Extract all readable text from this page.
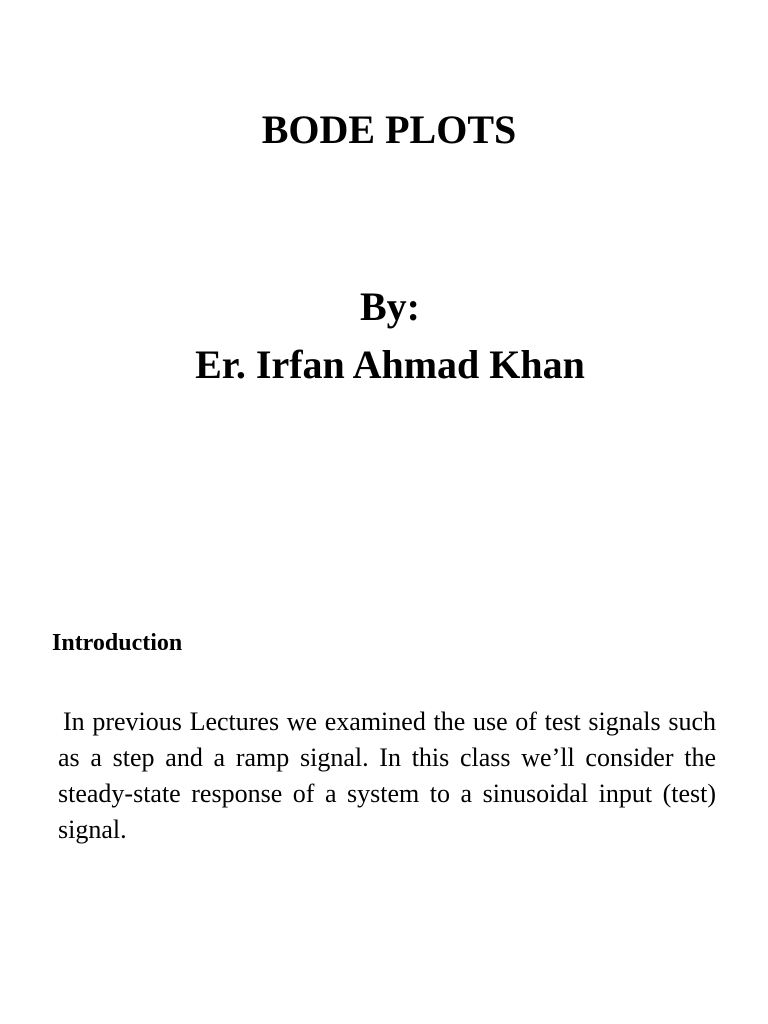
BODE PLOTS
By:
Er. Irfan Ahmad Khan
Introduction

In previous Lectures we examined the use of test signals such as a step and a ramp signal. In this class we’ll consider the steady-state response of a system to a sinusoidal input (test) signal.
